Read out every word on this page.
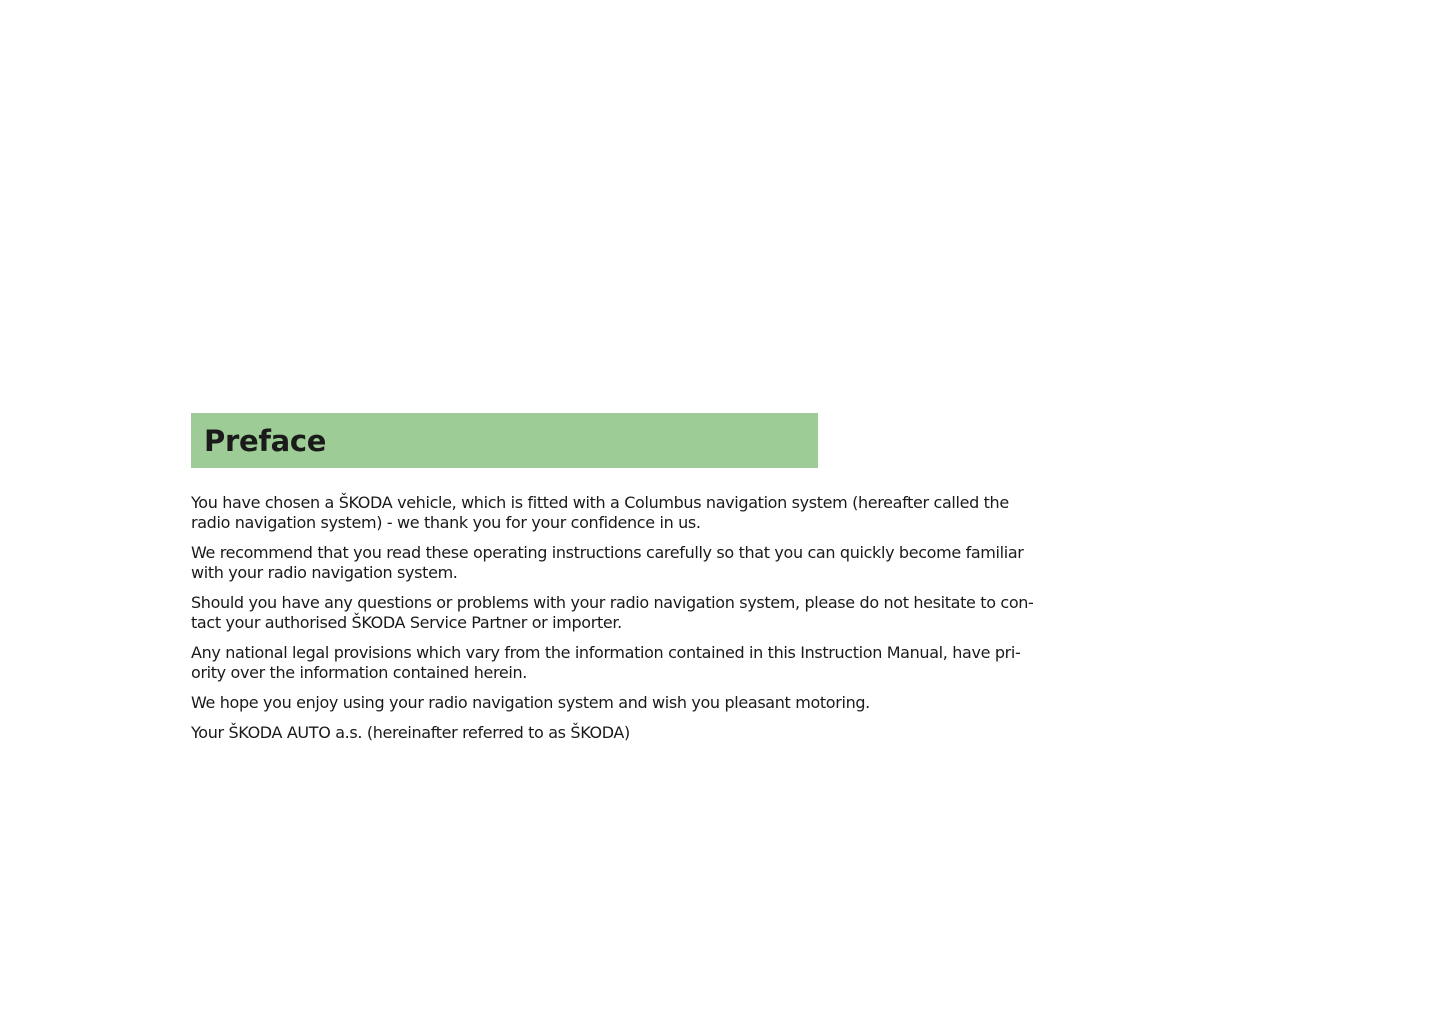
Preface

You have chosen a ŠKODA vehicle, which is fitted with a Columbus navigation system (hereafter called the
radio navigation system) - we thank you for your confidence in us.

We recommend that you read these operating instructions carefully so that you can quickly become familiar
with your radio navigation system.

Should you have any questions or problems with your radio navigation system, please do not hesitate to con-
tact your authorised ŠKODA Service Partner or importer.

Any national legal provisions which vary from the information contained in this Instruction Manual, have pri-
ority over the information contained herein.

We hope you enjoy using your radio navigation system and wish you pleasant motoring.

Your ŠKODA AUTO a.s. (hereinafter referred to as ŠKODA)
